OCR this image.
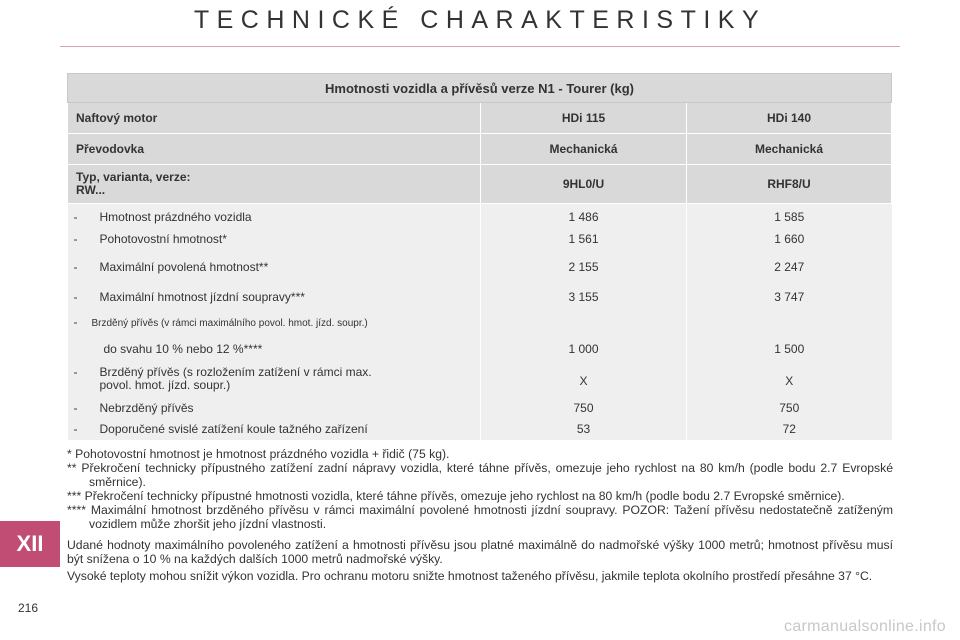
TECHNICKÉ CHARAKTERISTIKY
Hmotnosti vozidla a přívěsů verze N1 - Tourer (kg)		
Naftový motor	HDi 115	HDi 140
Převodovka	Mechanická	Mechanická

Typ, varianta, verze:
RW...	9HL0/U	RHF8/U
- Hmotnost prázdného vozidla	1 486	1 585
- Pohotovostní hmotnost*	1 561	1 660
- Maximální povolená hmotnost**	2 155	2 247
- Maximální hmotnost jízdní soupravy***	3 155	3 747
- Brzděný přívěs (v rámci maximálního povol. hmot. jízd. soupr.)		
do svahu 10 % nebo 12 %****	1 000	1 500

- Brzděný přívěs (s rozložením zatížení v rámci max.
povol. hmot. jízd. soupr.)	X	X
- Nebrzděný přívěs	750	750
- Doporučené svislé zatížení koule tažného zařízení	53	72

* Pohotovostní hmotnost je hmotnost prázdného vozidla + řidič (75 kg).

** Překročení technicky přípustného zatížení zadní nápravy vozidla, které táhne přívěs, omezuje jeho rychlost na 80 km/h (podle bodu 2.7 Evropské směrnice).

*** Překročení technicky přípustné hmotnosti vozidla, které táhne přívěs, omezuje jeho rychlost na 80 km/h (podle bodu 2.7 Evropské směrnice).

**** Maximální hmotnost brzděného přívěsu v rámci maximální povolené hmotnosti jízdní soupravy. POZOR: Tažení přívěsu nedostatečně zatíženým vozidlem může zhoršit jeho jízdní vlastnosti.

Udané hodnoty maximálního povoleného zatížení a hmotnosti přívěsu jsou platné maximálně do nadmořské výšky 1000 metrů; hmotnost přívěsu musí být snížena o 10 % na každých dalších 1000 metrů nadmořské výšky.

Vysoké teploty mohou snížit výkon vozidla. Pro ochranu motoru snižte hmotnost taženého přívěsu, jakmile teplota okolního prostředí přesáhne 37 °C.

XII
216
carmanualsonline.info
